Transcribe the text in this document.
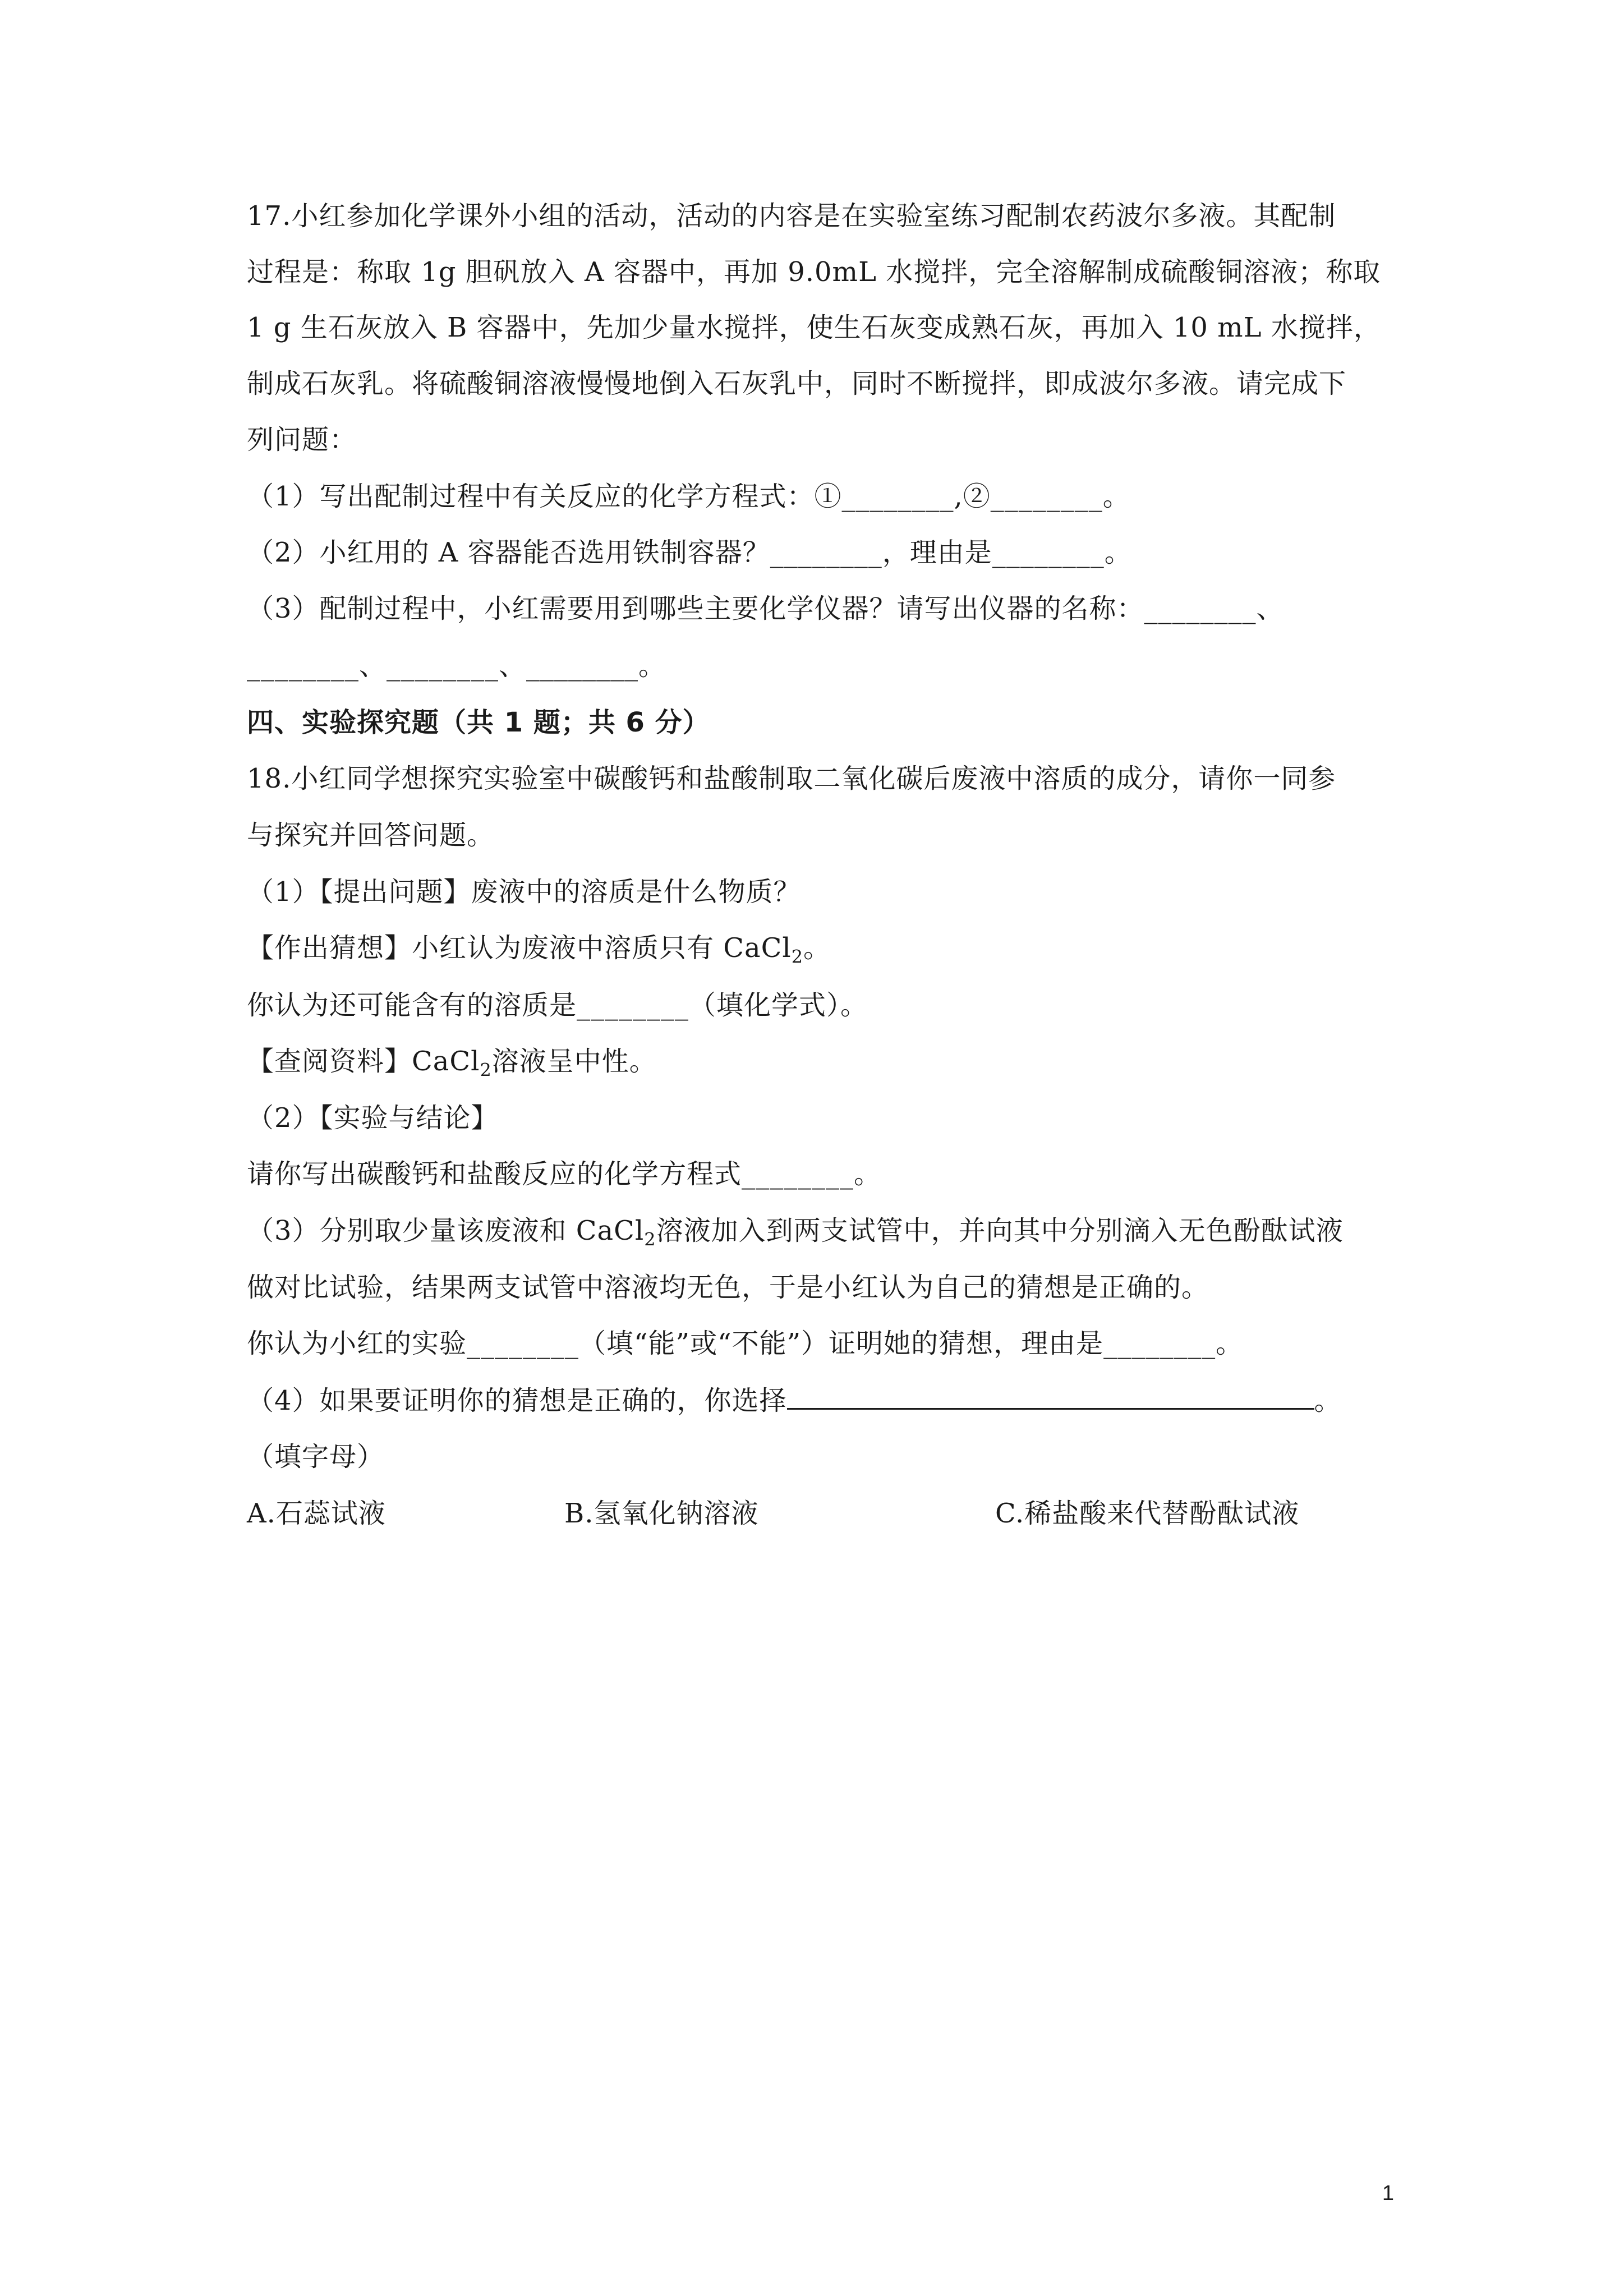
17.小红参加化学课外小组的活动，活动的内容是在实验室练习配制农药波尔多液。其配制
过程是：称取 1g 胆矾放入 A 容器中，再加 9.0mL 水搅拌，完全溶解制成硫酸铜溶液；称取
1 g 生石灰放入 B 容器中，先加少量水搅拌，使生石灰变成熟石灰，再加入 10 mL 水搅拌，
制成石灰乳。将硫酸铜溶液慢慢地倒入石灰乳中，同时不断搅拌，即成波尔多液。请完成下
列问题：
（1）写出配制过程中有关反应的化学方程式：①________,②________。
（2）小红用的 A 容器能否选用铁制容器？________，理由是________。
（3）配制过程中，小红需要用到哪些主要化学仪器？请写出仪器的名称：________、
________、________、________。
四、实验探究题（共 1 题；共 6 分）
18.小红同学想探究实验室中碳酸钙和盐酸制取二氧化碳后废液中溶质的成分，请你一同参
与探究并回答问题。
（1）【提出问题】废液中的溶质是什么物质？
【作出猜想】小红认为废液中溶质只有 CaCl$_2$。
你认为还可能含有的溶质是________（填化学式）。
【查阅资料】CaCl$_2$溶液呈中性。
（2）【实验与结论】
请你写出碳酸钙和盐酸反应的化学方程式________。
（3）分别取少量该废液和 CaCl$_2$溶液加入到两支试管中，并向其中分别滴入无色酚酞试液
做对比试验，结果两支试管中溶液均无色，于是小红认为自己的猜想是正确的。
你认为小红的实验________（填“能”或“不能”）证明她的猜想，理由是________。
（4）如果要证明你的猜想是正确的，你选择	。
（填字母）
A.石蕊试液	B.氢氧化钠溶液	C.稀盐酸来代替酚酞试液
1
